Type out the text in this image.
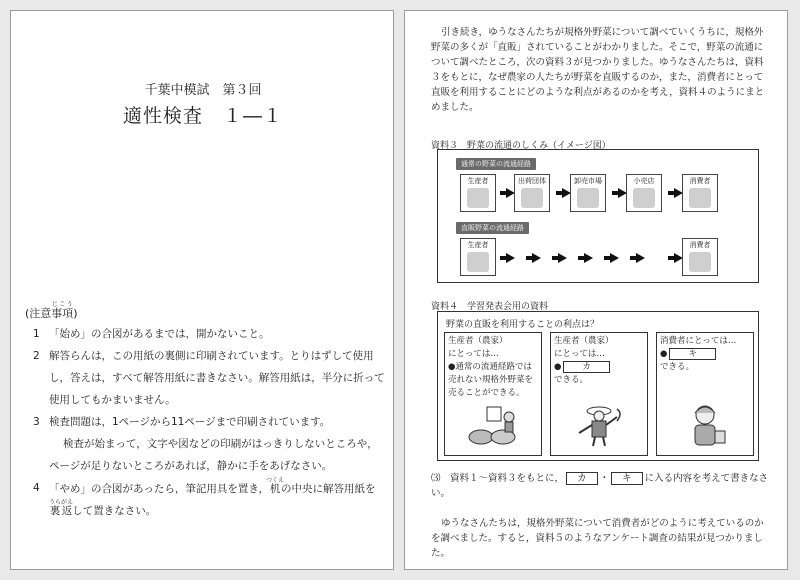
千葉中模試　第３回
適性検査　１―１
(注意事項じこう)
1 「始め」の合図があるまでは，開かないこと。
2 解答らんは，この用紙の裏側に印刷されています。とりはずして使用し，答えは，すべて解答用紙に書きなさい。解答用紙は，半分に折って使用してもかまいません。
3 検査問題は，1ページから11ページまで印刷されています。
検査が始まって，文字や図などの印刷がはっきりしないところや，ページが足りないところがあれば，静かに手をあげなさい。
4 「やめ」の合図があったら，筆記用具を置き，机つくえの中央に解答用紙を裏返うらがえして置きなさい。
引き続き，ゆうなさんたちが規格外野菜について調べていくうちに，規格外野菜の多くが「直販」されていることがわかりました。そこで，野菜の流通について調べたところ，次の資料３が見つかりました。ゆうなさんたちは，資料３をもとに，なぜ農家の人たちが野菜を直販するのか，また，消費者にとって直販を利用することにどのような利点があるのかを考え，資料４のようにまとめました。
資料３　野菜の流通のしくみ（イメージ図）
通常の野菜の流通経路
生産者	出荷団体	卸売市場	小売店	消費者
直販野菜の流通経路
生産者	消費者
資料４　学習発表会用の資料
野菜の直販を利用することの利点は？
生産者（農家）
にとっては…
●通常の流通経路では売れない規格外野菜を売ることができる。
生産者（農家）
にとっては…
● カ
できる。
消費者にとっては…
● キ
できる。
⑶　 資料１～資料３をもとに， カ ・ キ に入る内容を考えて書きなさい。
ゆうなさんたちは，規格外野菜について消費者がどのように考えているのかを調べました。すると，資料５のようなアンケート調査の結果が見つかりました。
